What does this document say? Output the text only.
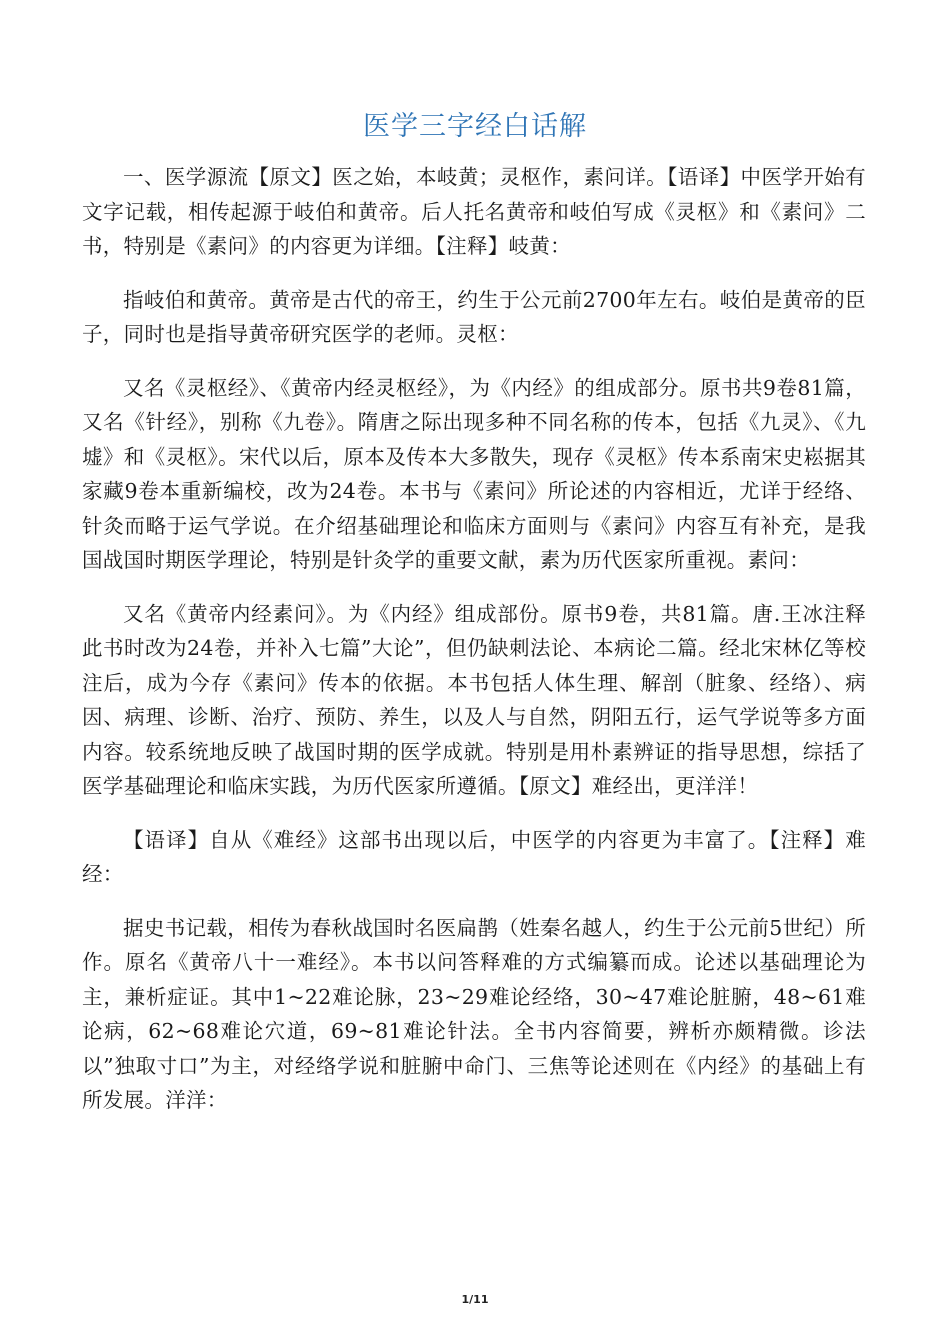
医学三字经白话解

一、医学源流【原文】医之始，本岐黄；灵枢作，素问详。【语译】中医学开始有文字记载，相传起源于岐伯和黄帝。后人托名黄帝和岐伯写成《灵枢》和《素问》二书，特别是《素问》的内容更为详细。【注释】岐黄：

指岐伯和黄帝。黄帝是古代的帝王，约生于公元前2700年左右。岐伯是黄帝的臣子，同时也是指导黄帝研究医学的老师。灵枢：

又名《灵枢经》、《黄帝内经灵枢经》，为《内经》的组成部分。原书共9卷81篇，又名《针经》，别称《九卷》。隋唐之际出现多种不同名称的传本，包括《九灵》、《九墟》和《灵枢》。宋代以后，原本及传本大多散失，现存《灵枢》传本系南宋史崧据其家藏9卷本重新编校，改为24卷。本书与《素问》所论述的内容相近，尤详于经络、针灸而略于运气学说。在介绍基础理论和临床方面则与《素问》内容互有补充，是我国战国时期医学理论，特别是针灸学的重要文献，素为历代医家所重视。素问：

又名《黄帝内经素问》。为《内经》组成部份。原书9卷，共81篇。唐.王冰注释此书时改为24卷，并补入七篇”大论”，但仍缺刺法论、本病论二篇。经北宋林亿等校注后，成为今存《素问》传本的依据。本书包括人体生理、解剖（脏象、经络）、病因、病理、诊断、治疗、预防、养生，以及人与自然，阴阳五行，运气学说等多方面内容。较系统地反映了战国时期的医学成就。特别是用朴素辨证的指导思想，综括了医学基础理论和临床实践，为历代医家所遵循。【原文】难经出，更洋洋！

【语译】自从《难经》这部书出现以后，中医学的内容更为丰富了。【注释】难经：

据史书记载，相传为春秋战国时名医扁鹊（姓秦名越人，约生于公元前5世纪）所作。原名《黄帝八十一难经》。本书以问答释难的方式编纂而成。论述以基础理论为主，兼析症证。其中1~22难论脉，23~29难论经络，30~47难论脏腑，48~61难论病，62~68难论穴道，69~81难论针法。全书内容简要，辨析亦颇精微。诊法以”独取寸口”为主，对经络学说和脏腑中命门、三焦等论述则在《内经》的基础上有所发展。洋洋：

1/11
